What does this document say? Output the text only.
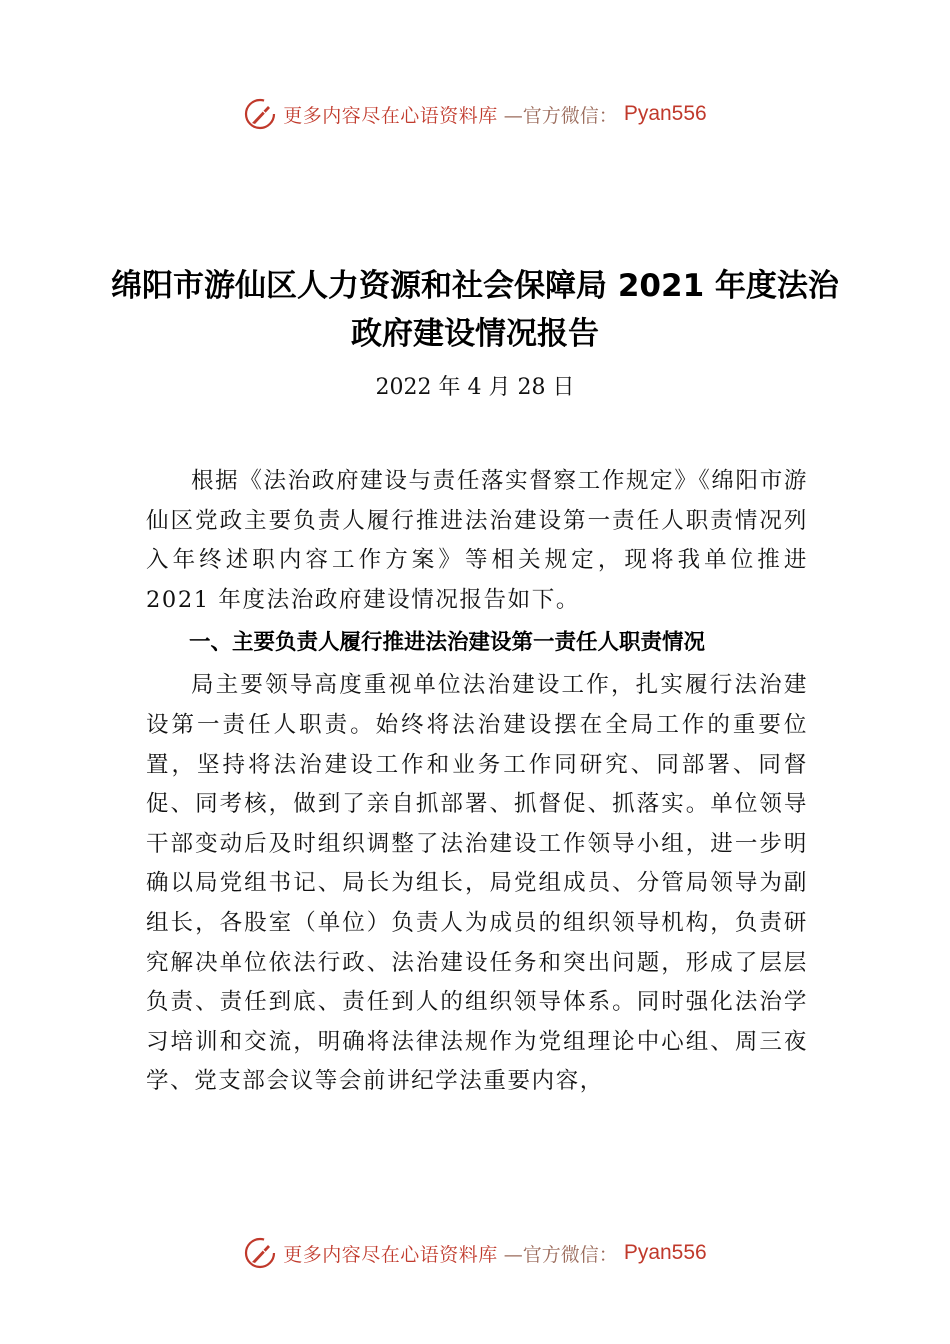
更多内容尽在心语资料库 —官方微信： Pyan556
绵阳市游仙区人力资源和社会保障局 2021 年度法治政府建设情况报告
2022 年 4 月 28 日

根据《法治政府建设与责任落实督察工作规定》《绵阳市游仙区党政主要负责人履行推进法治建设第一责任人职责情况列入年终述职内容工作方案》等相关规定，现将我单位推进 2021 年度法治政府建设情况报告如下。

一、主要负责人履行推进法治建设第一责任人职责情况

局主要领导高度重视单位法治建设工作，扎实履行法治建设第一责任人职责。始终将法治建设摆在全局工作的重要位置，坚持将法治建设工作和业务工作同研究、同部署、同督促、同考核，做到了亲自抓部署、抓督促、抓落实。单位领导干部变动后及时组织调整了法治建设工作领导小组，进一步明确以局党组书记、局长为组长，局党组成员、分管局领导为副组长，各股室（单位）负责人为成员的组织领导机构，负责研究解决单位依法行政、法治建设任务和突出问题，形成了层层负责、责任到底、责任到人的组织领导体系。同时强化法治学习培训和交流，明确将法律法规作为党组理论中心组、周三夜学、党支部会议等会前讲纪学法重要内容，

更多内容尽在心语资料库 —官方微信： Pyan556
